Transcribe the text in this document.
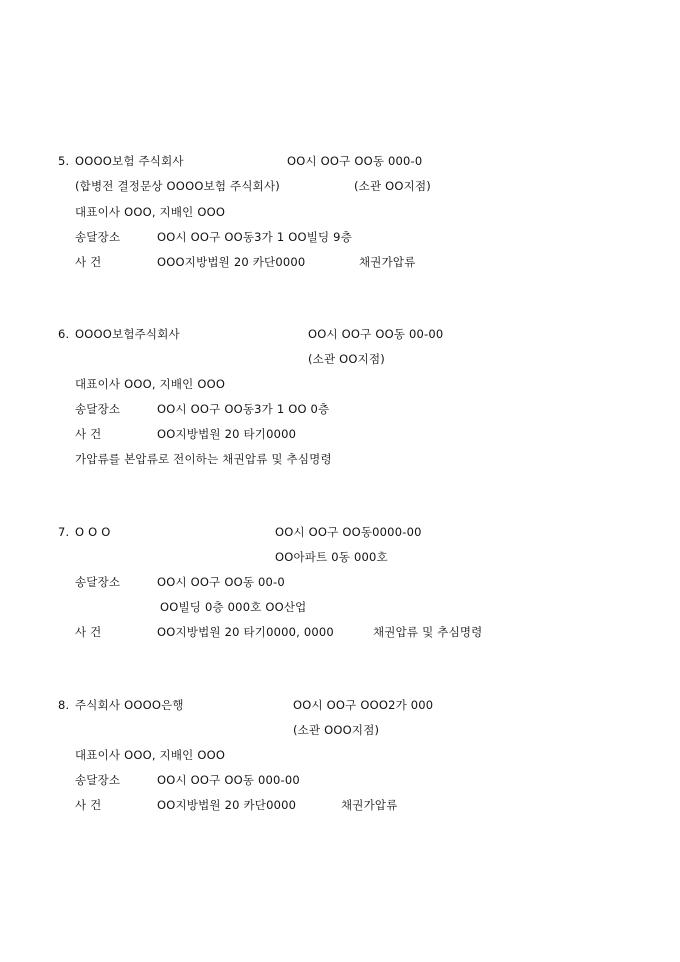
5. OOOO보험 주식회사	OO시 OO구 OO동 000-0
(합병전 결정문상 OOOO보험 주식회사)	(소관 OO지점)
대표이사 OOO, 지배인 OOO
송달장소	OO시 OO구 OO동3가 1 OO빌딩 9층
사 건	OOO지방법원 20 카단0000	채권가압류
6. OOOO보험주식회사	OO시 OO구 OO동 00-00
(소관 OO지점)
대표이사 OOO, 지배인 OOO
송달장소	OO시 OO구 OO동3가 1 OO 0층
사 건	OO지방법원 20 타기0000
가압류를 본압류로 전이하는 채권압류 및 추심명령
7. O O O	OO시 OO구 OO동0000-00
OO아파트 0동 000호
송달장소	OO시 OO구 OO동 00-0
OO빌딩 0층 000호 OO산업
사 건	OO지방법원 20 타기0000, 0000	채권압류 및 추심명령
8. 주식회사 OOOO은행	OO시 OO구 OOO2가 000
(소관 OOO지점)
대표이사 OOO, 지배인 OOO
송달장소	OO시 OO구 OO동 000-00
사 건	OO지방법원 20 카단0000	채권가압류
